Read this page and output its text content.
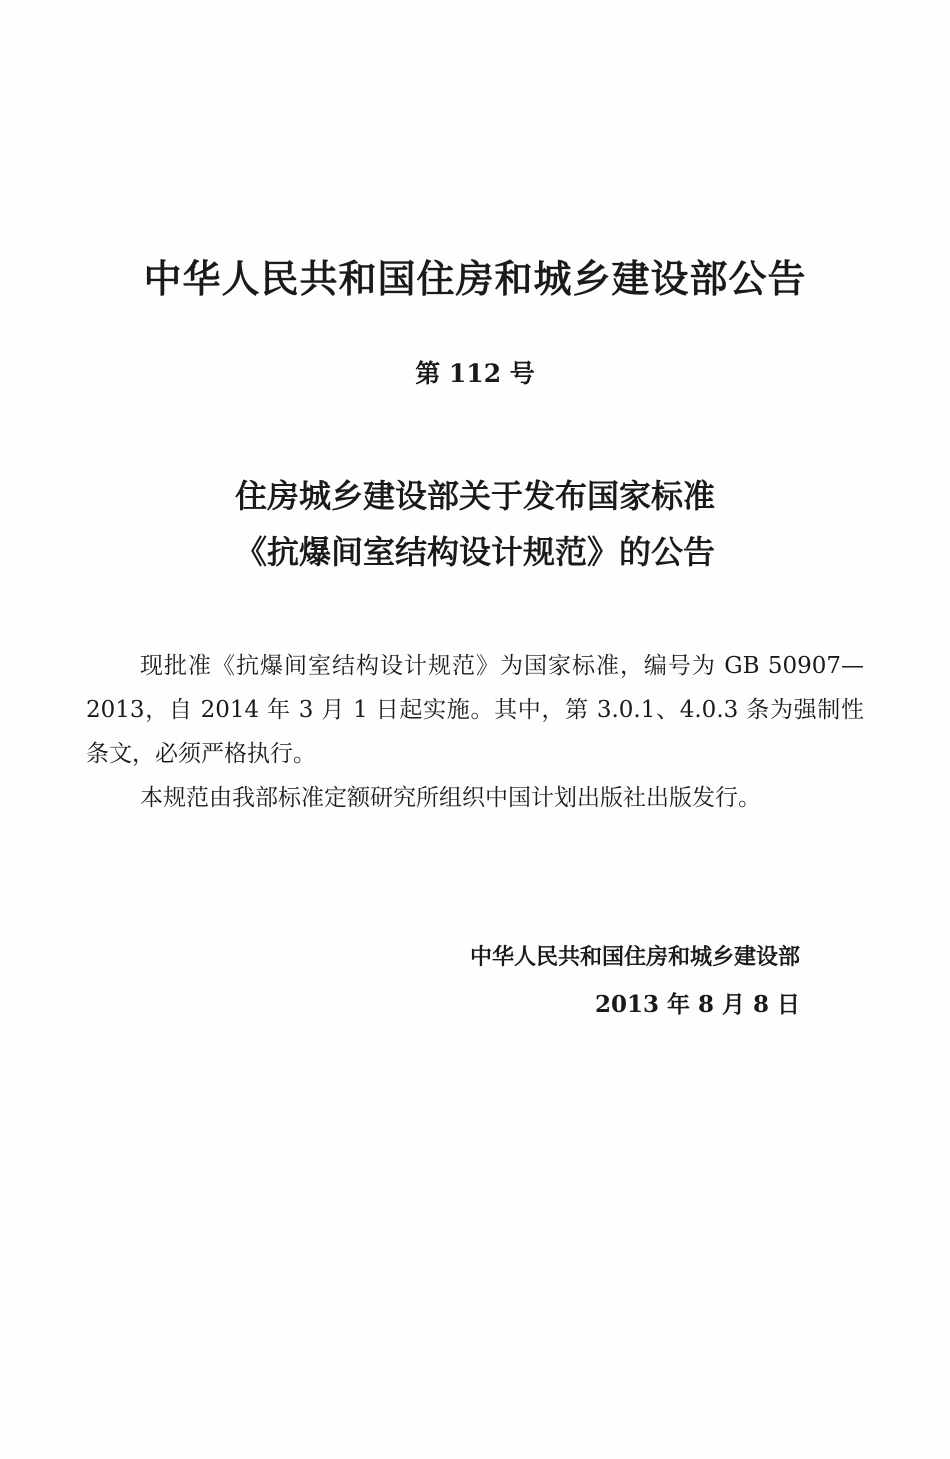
中华人民共和国住房和城乡建设部公告
第 112 号
住房城乡建设部关于发布国家标准
《抗爆间室结构设计规范》的公告

现批准《抗爆间室结构设计规范》为国家标准，编号为 GB 50907—2013，自 2014 年 3 月 1 日起实施。其中，第 3.0.1、4.0.3 条为强制性条文，必须严格执行。

本规范由我部标准定额研究所组织中国计划出版社出版发行。

中华人民共和国住房和城乡建设部
2013 年 8 月 8 日
